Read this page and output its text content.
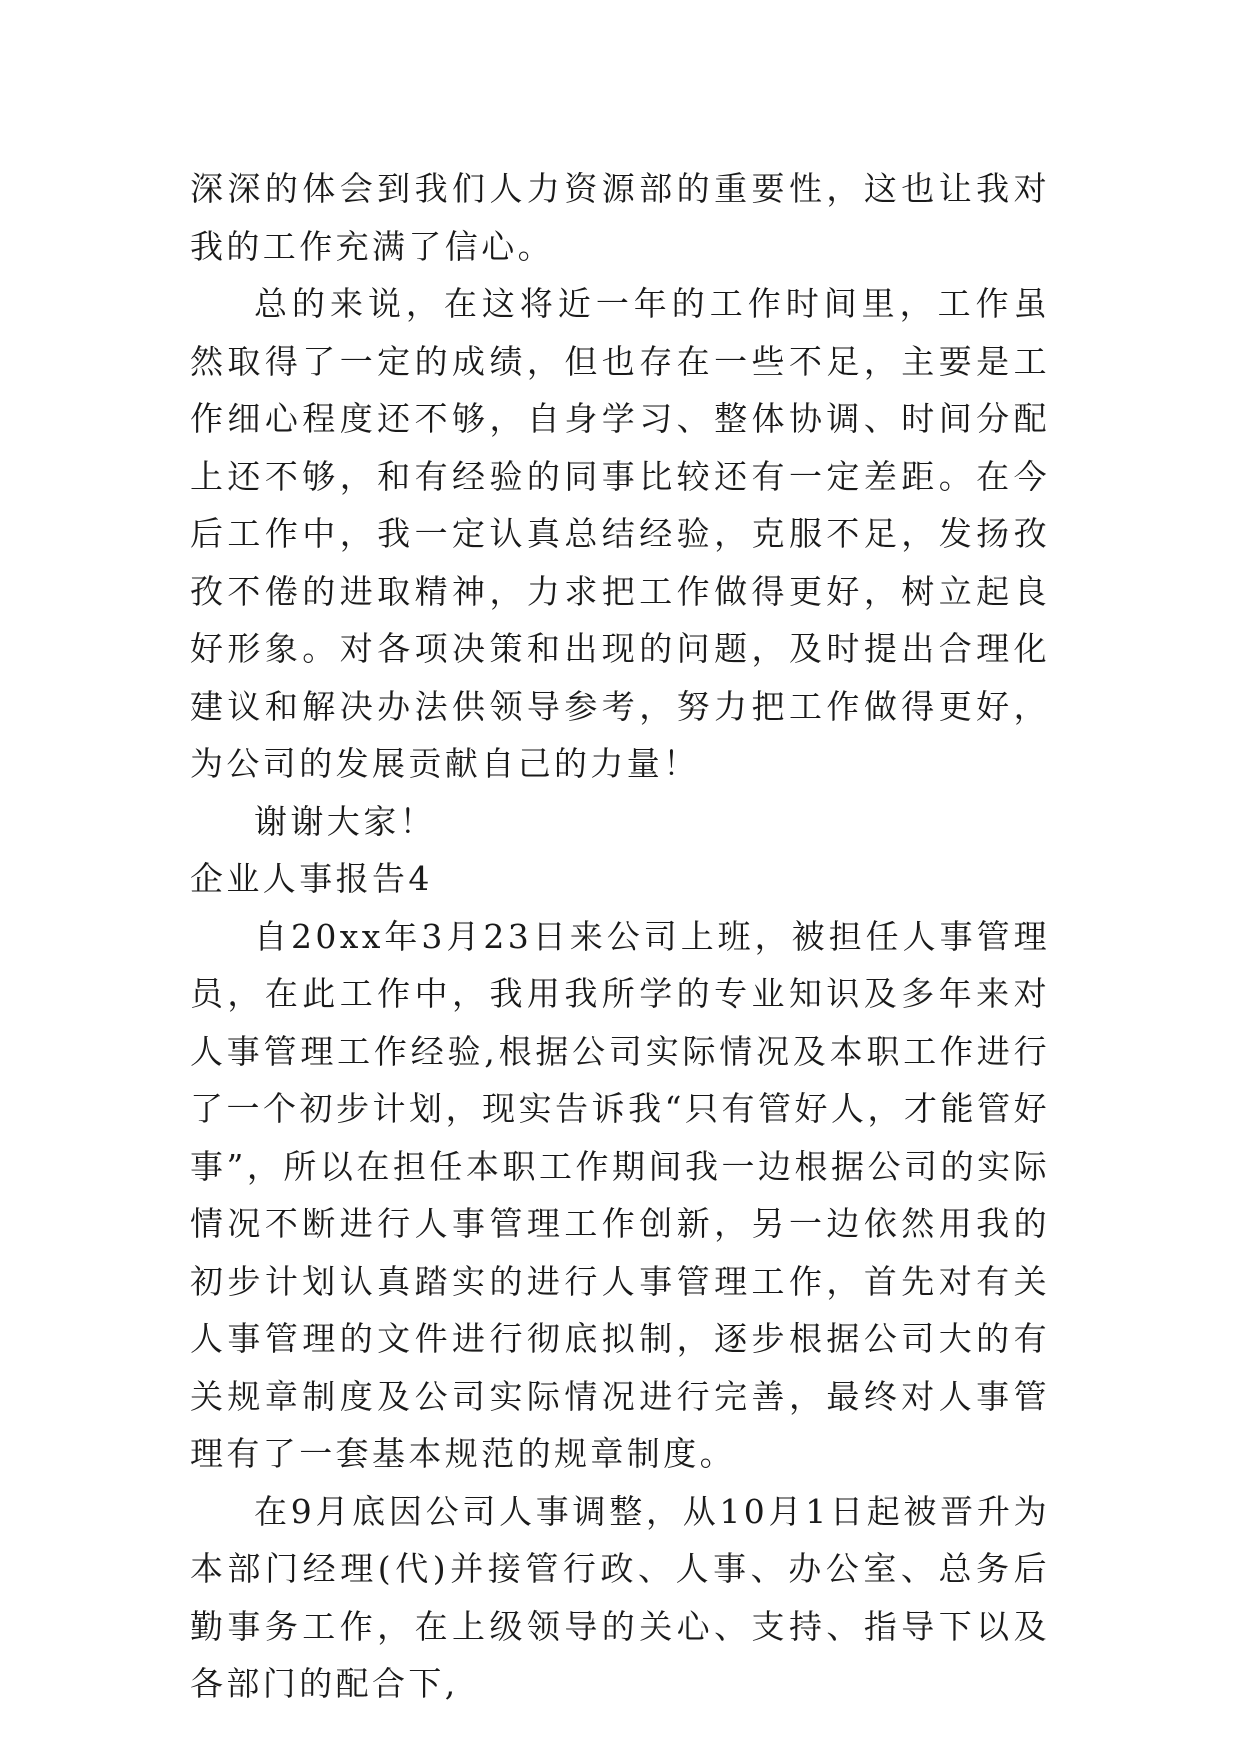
深深的体会到我们人力资源部的重要性，这也让我对我的工作充满了信心。

总的来说，在这将近一年的工作时间里，工作虽然取得了一定的成绩，但也存在一些不足，主要是工作细心程度还不够，自身学习、整体协调、时间分配上还不够，和有经验的同事比较还有一定差距。在今后工作中，我一定认真总结经验，克服不足，发扬孜孜不倦的进取精神，力求把工作做得更好，树立起良好形象。对各项决策和出现的问题，及时提出合理化建议和解决办法供领导参考，努力把工作做得更好，为公司的发展贡献自己的力量！

谢谢大家！

企业人事报告4

自20xx年3月23日来公司上班，被担任人事管理员，在此工作中，我用我所学的专业知识及多年来对人事管理工作经验,根据公司实际情况及本职工作进行了一个初步计划，现实告诉我“只有管好人，才能管好事”，所以在担任本职工作期间我一边根据公司的实际情况不断进行人事管理工作创新，另一边依然用我的初步计划认真踏实的进行人事管理工作，首先对有关人事管理的文件进行彻底拟制，逐步根据公司大的有关规章制度及公司实际情况进行完善，最终对人事管理有了一套基本规范的规章制度。

在9月底因公司人事调整，从10月1日起被晋升为本部门经理(代)并接管行政、人事、办公室、总务后勤事务工作，在上级领导的关心、支持、指导下以及各部门的配合下,
